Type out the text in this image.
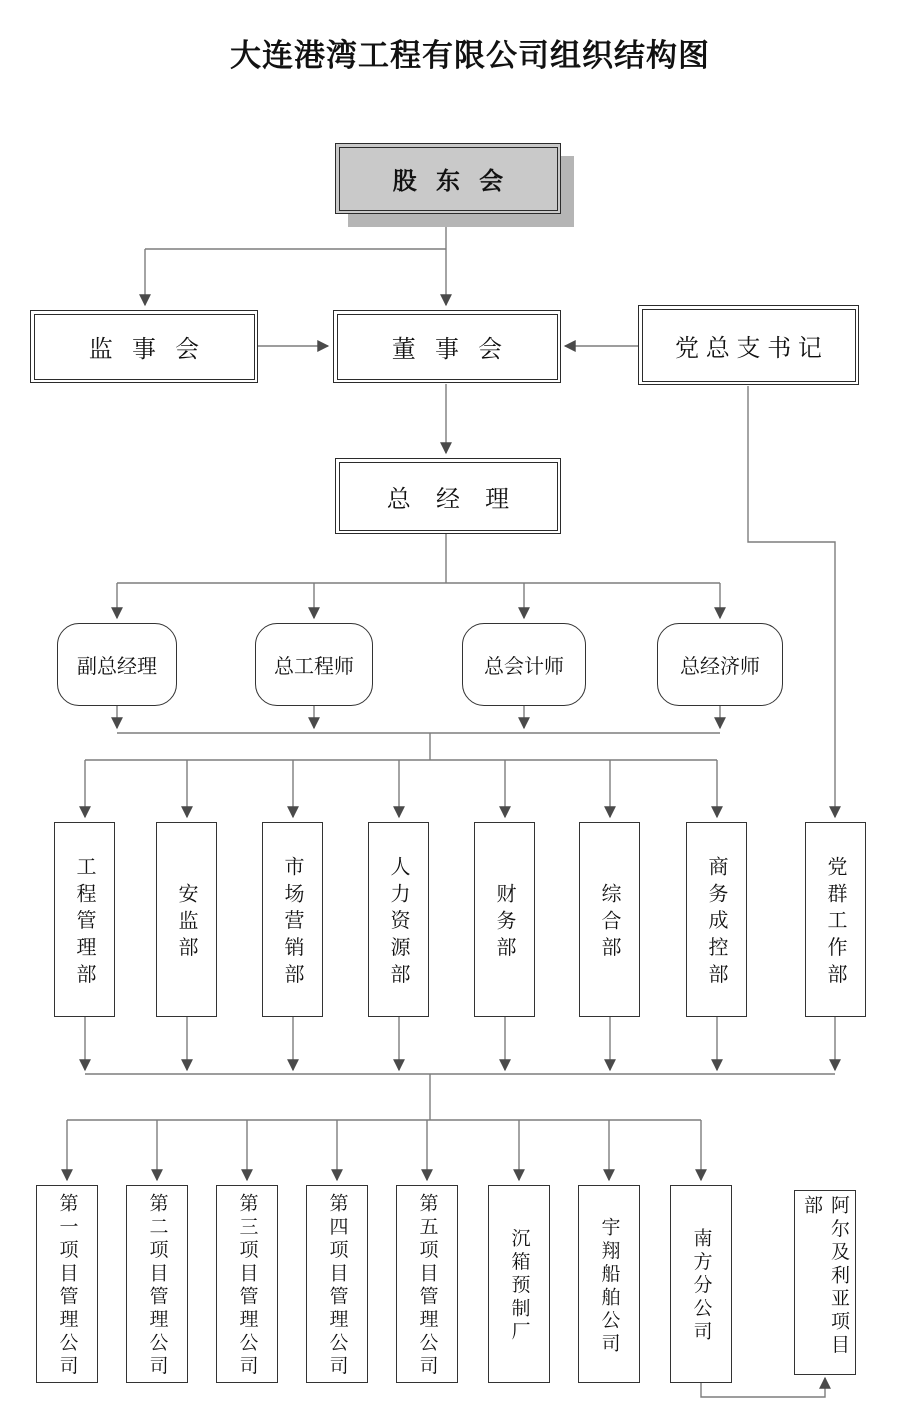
大连港湾工程有限公司组织结构图
股东会
监事会	董事会	党总支书记
总经理
副总经理	总工程师	总会计师	总经济师
工程管理部	安监部	市场营销部	人力资源部	财务部	综合部	商务成控部	党群工作部
第一项目管理公司	第二项目管理公司	第三项目管理公司	第四项目管理公司	第五项目管理公司	沉箱预制厂	宇翔船舶公司	南方分公司	阿尔及利亚项目部
